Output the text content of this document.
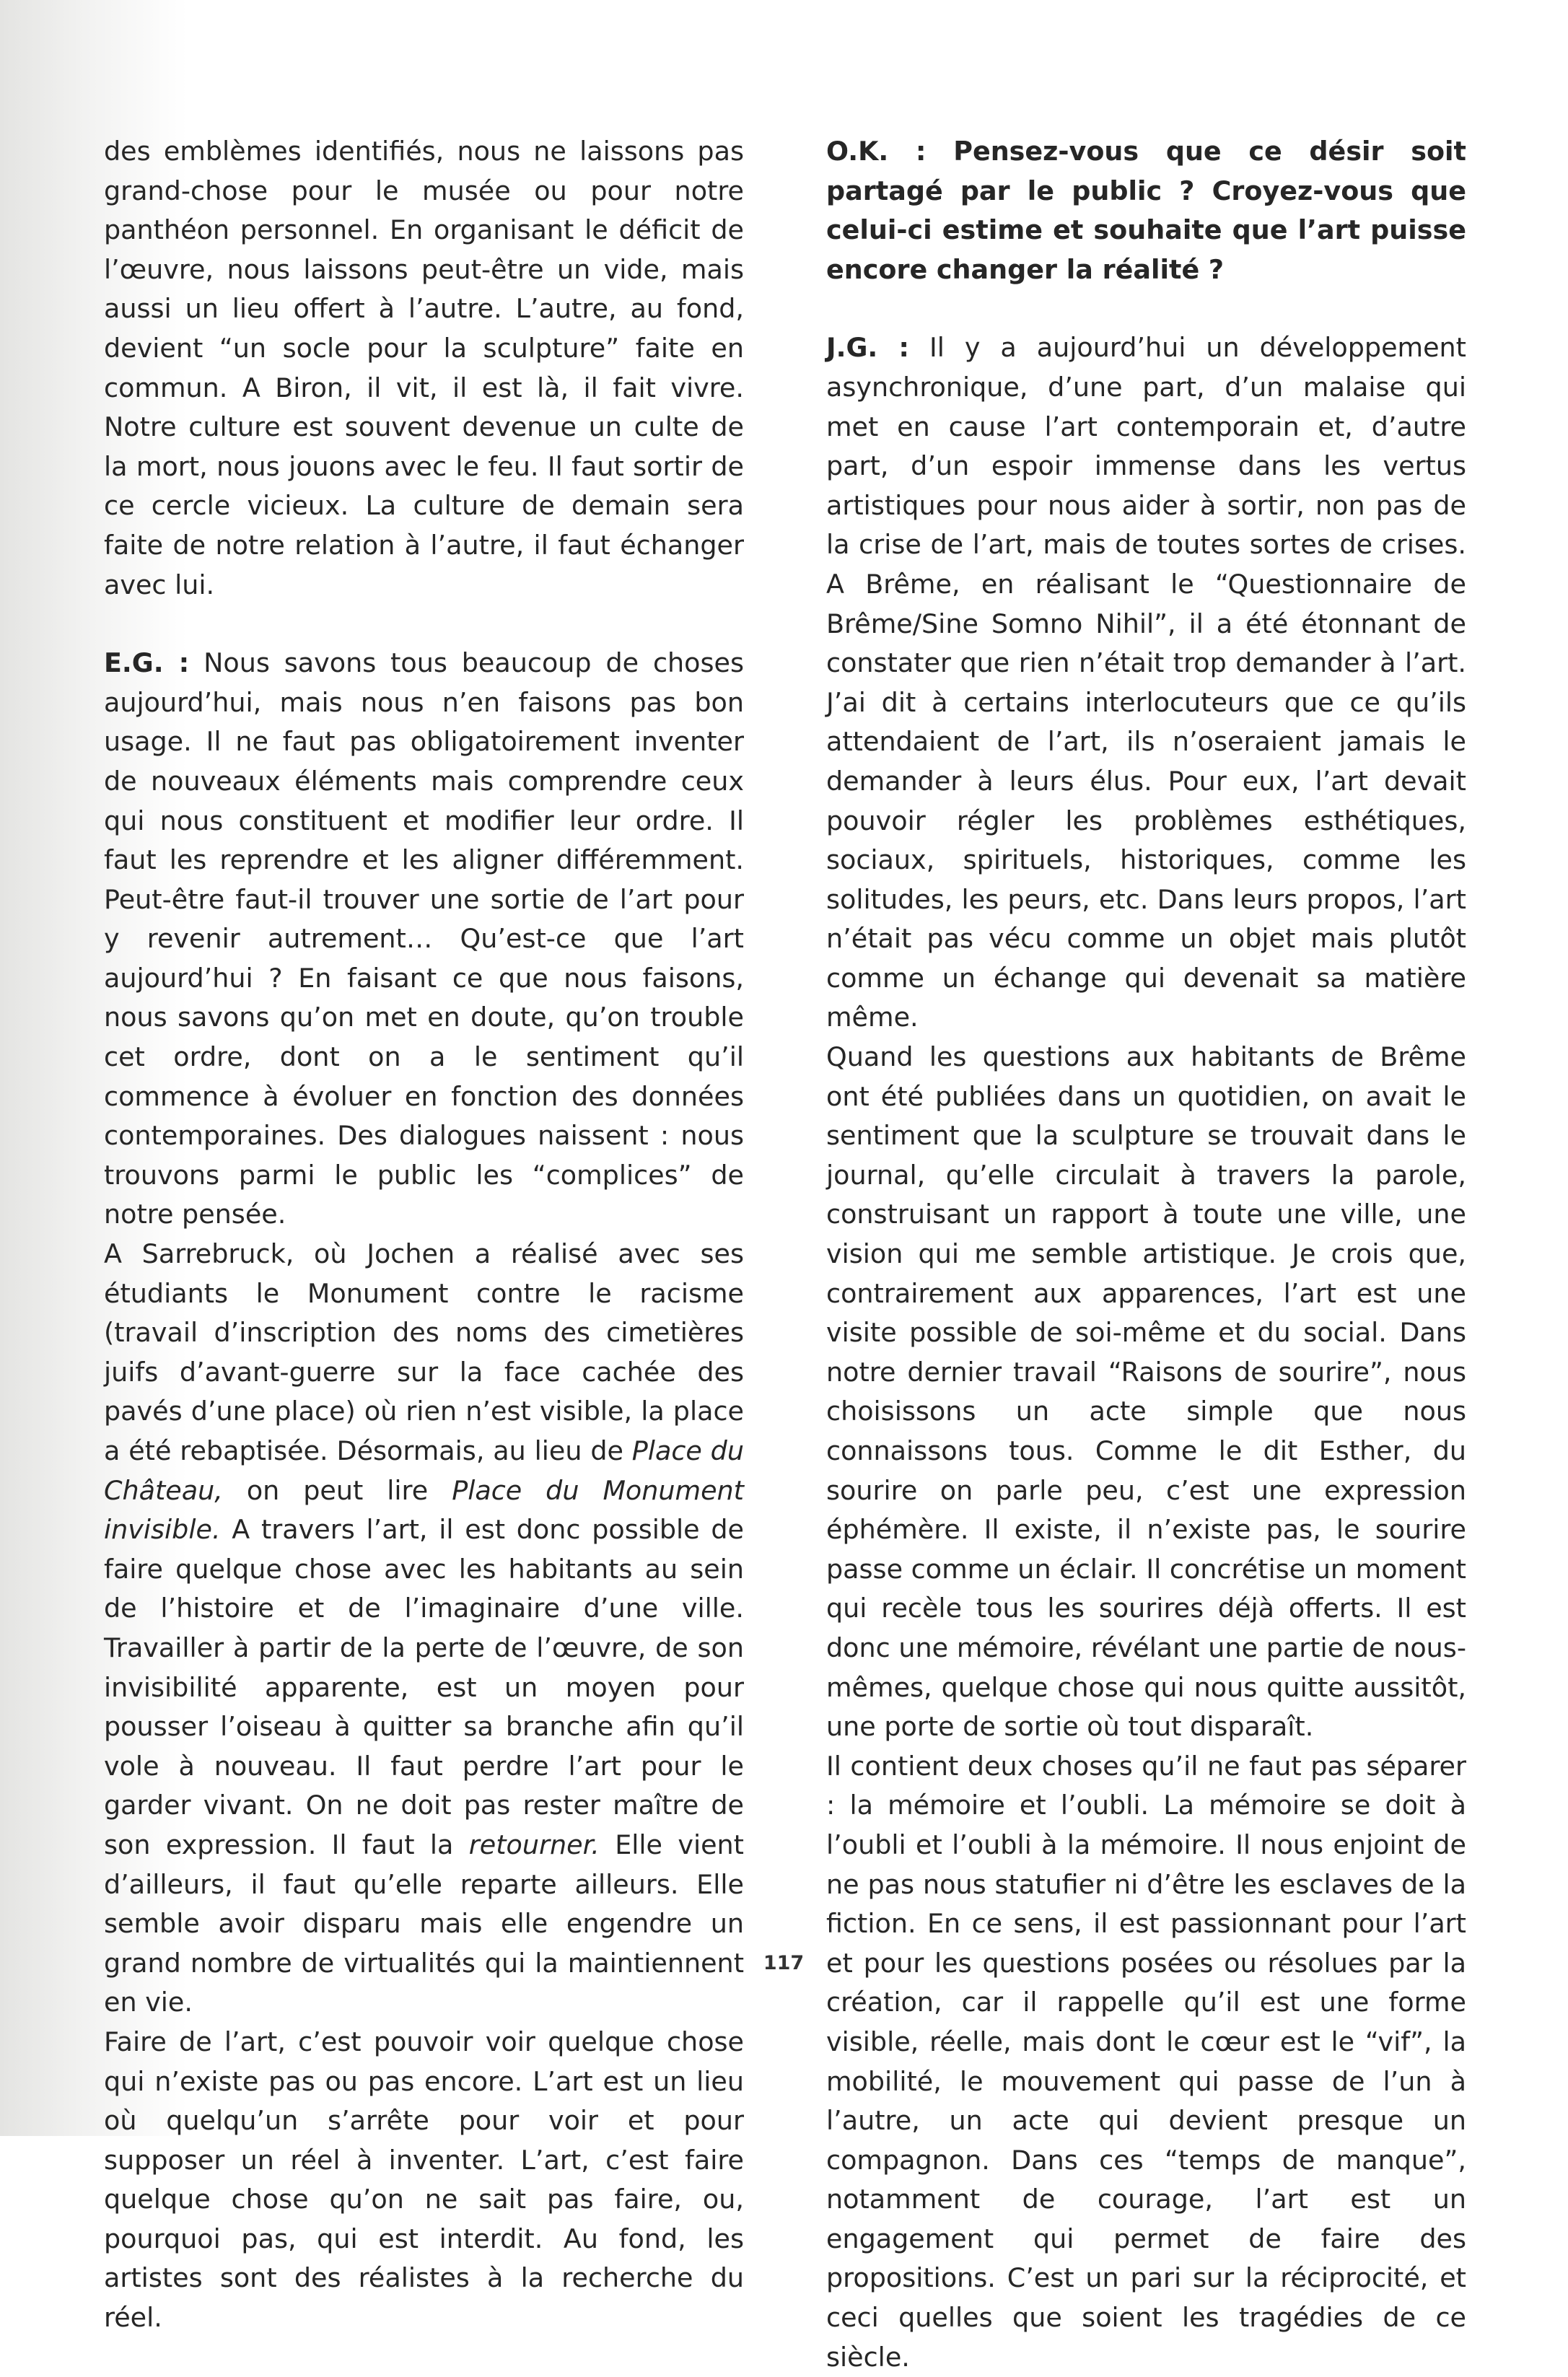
des emblèmes identifiés, nous ne laissons pas grand-chose pour le musée ou pour notre panthéon personnel. En organisant le déficit de l’œuvre, nous laissons peut-être un vide, mais aussi un lieu offert à l’autre. L’autre, au fond, devient “un socle pour la sculpture” faite en commun. A Biron, il vit, il est là, il fait vivre. Notre culture est souvent devenue un culte de la mort, nous jouons avec le feu. Il faut sortir de ce cercle vicieux. La culture de demain sera faite de notre relation à l’autre, il faut échanger avec lui.

E.G. : Nous savons tous beaucoup de choses aujourd’hui, mais nous n’en faisons pas bon usage. Il ne faut pas obligatoirement inventer de nouveaux éléments mais comprendre ceux qui nous constituent et modifier leur ordre. Il faut les reprendre et les aligner différemment. Peut-être faut-il trouver une sortie de l’art pour y revenir autrement… Qu’est-ce que l’art aujourd’hui ? En faisant ce que nous faisons, nous savons qu’on met en doute, qu’on trouble cet ordre, dont on a le sentiment qu’il commence à évoluer en fonction des données contemporaines. Des dialogues naissent : nous trouvons parmi le public les “complices” de notre pensée.

A Sarrebruck, où Jochen a réalisé avec ses étudiants le Monument contre le racisme (travail d’inscription des noms des cimetières juifs d’avant-guerre sur la face cachée des pavés d’une place) où rien n’est visible, la place a été rebaptisée. Désormais, au lieu de Place du Château, on peut lire Place du Monument invisible. A travers l’art, il est donc possible de faire quelque chose avec les habitants au sein de l’histoire et de l’imaginaire d’une ville. Travailler à partir de la perte de l’œuvre, de son invisibilité apparente, est un moyen pour pousser l’oiseau à quitter sa branche afin qu’il vole à nouveau. Il faut perdre l’art pour le garder vivant. On ne doit pas rester maître de son expression. Il faut la retourner. Elle vient d’ailleurs, il faut qu’elle reparte ailleurs. Elle semble avoir disparu mais elle engendre un grand nombre de virtualités qui la maintiennent en vie.

Faire de l’art, c’est pouvoir voir quelque chose qui n’existe pas ou pas encore. L’art est un lieu où quelqu’un s’arrête pour voir et pour supposer un réel à inventer. L’art, c’est faire quelque chose qu’on ne sait pas faire, ou, pourquoi pas, qui est interdit. Au fond, les artistes sont des réalistes à la recherche du réel.

O.K. : Pensez-vous que ce désir soit partagé par le public ? Croyez-vous que celui-ci estime et souhaite que l’art puisse encore changer la réalité ?

J.G. : Il y a aujourd’hui un développement asynchronique, d’une part, d’un malaise qui met en cause l’art contemporain et, d’autre part, d’un espoir immense dans les vertus artistiques pour nous aider à sortir, non pas de la crise de l’art, mais de toutes sortes de crises. A Brême, en réalisant le “Questionnaire de Brême/Sine Somno Nihil”, il a été étonnant de constater que rien n’était trop demander à l’art. J’ai dit à certains interlocuteurs que ce qu’ils attendaient de l’art, ils n’oseraient jamais le demander à leurs élus. Pour eux, l’art devait pouvoir régler les problèmes esthétiques, sociaux, spirituels, historiques, comme les solitudes, les peurs, etc. Dans leurs propos, l’art n’était pas vécu comme un objet mais plutôt comme un échange qui devenait sa matière même.

Quand les questions aux habitants de Brême ont été publiées dans un quotidien, on avait le sentiment que la sculpture se trouvait dans le journal, qu’elle circulait à travers la parole, construisant un rapport à toute une ville, une vision qui me semble artistique. Je crois que, contrairement aux apparences, l’art est une visite possible de soi-même et du social. Dans notre dernier travail “Raisons de sourire”, nous choisissons un acte simple que nous connaissons tous. Comme le dit Esther, du sourire on parle peu, c’est une expression éphémère. Il existe, il n’existe pas, le sourire passe comme un éclair. Il concrétise un moment qui recèle tous les sourires déjà offerts. Il est donc une mémoire, révélant une partie de nous-mêmes, quelque chose qui nous quitte aussitôt, une porte de sortie où tout disparaît.

Il contient deux choses qu’il ne faut pas séparer : la mémoire et l’oubli. La mémoire se doit à l’oubli et l’oubli à la mémoire. Il nous enjoint de ne pas nous statufier ni d’être les esclaves de la fiction. En ce sens, il est passionnant pour l’art et pour les questions posées ou résolues par la création, car il rappelle qu’il est une forme visible, réelle, mais dont le cœur est le “vif”, la mobilité, le mouvement qui passe de l’un à l’autre, un acte qui devient presque un compagnon. Dans ces “temps de manque”, notamment de courage, l’art est un engagement qui permet de faire des propositions. C’est un pari sur la réciprocité, et ceci quelles que soient les tragédies de ce siècle.

117
